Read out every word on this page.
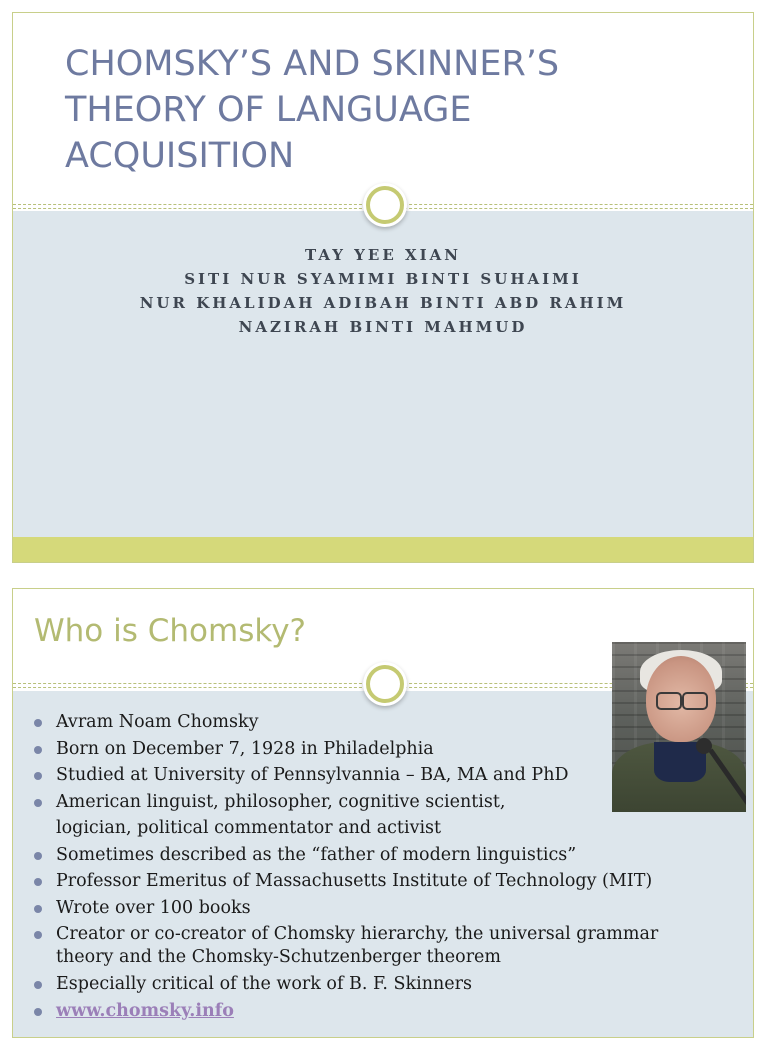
CHOMSKY’S AND SKINNER’S THEORY OF LANGUAGE ACQUISITION
TAY YEE XIAN
SITI NUR SYAMIMI BINTI SUHAIMI
NUR KHALIDAH ADIBAH BINTI ABD RAHIM
NAZIRAH BINTI MAHMUD
Who is Chomsky?
Avram Noam Chomsky
Born on December 7, 1928 in Philadelphia
Studied at University of Pennsylvannia – BA, MA and PhD
American linguist, philosopher, cognitive scientist, logician, political commentator and activist
Sometimes described as the “father of modern linguistics”
Professor Emeritus of Massachusetts Institute of Technology (MIT)
Wrote over 100 books
Creator or co-creator of Chomsky hierarchy, the universal grammar theory and the Chomsky-Schutzenberger theorem
Especially critical of the work of B. F. Skinners
www.chomsky.info
